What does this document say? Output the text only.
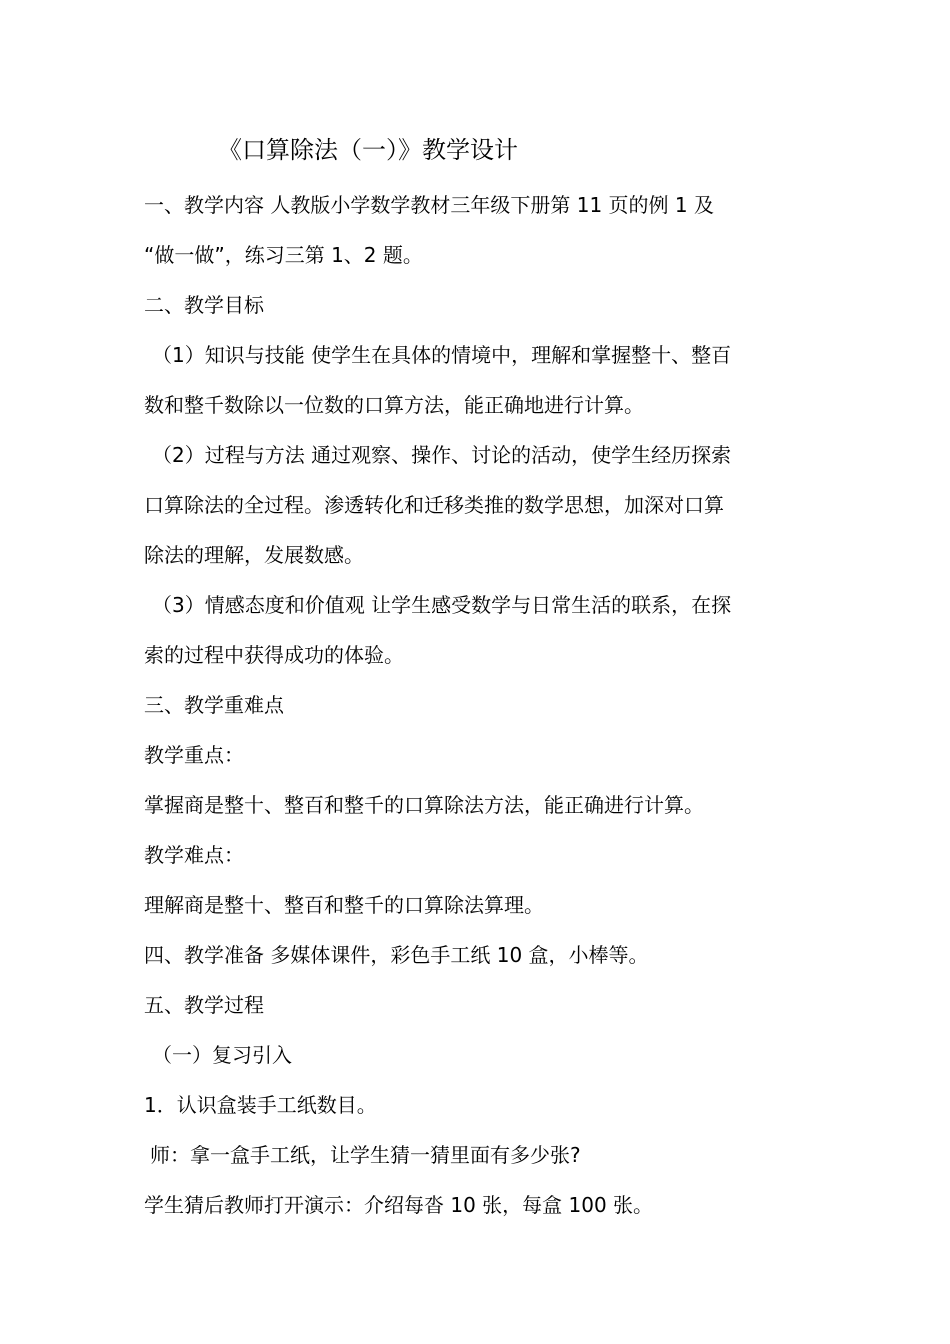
《口算除法（一）》教学设计

一、教学内容 人教版小学数学教材三年级下册第 11 页的例 1 及

“做一做”，练习三第 1、2 题。

二、教学目标

（1）知识与技能 使学生在具体的情境中，理解和掌握整十、整百

数和整千数除以一位数的口算方法，能正确地进行计算。

（2）过程与方法 通过观察、操作、讨论的活动，使学生经历探索

口算除法的全过程。渗透转化和迁移类推的数学思想，加深对口算

除法的理解，发展数感。

（3）情感态度和价值观 让学生感受数学与日常生活的联系，在探

索的过程中获得成功的体验。

三、教学重难点

教学重点：

掌握商是整十、整百和整千的口算除法方法，能正确进行计算。

教学难点：

理解商是整十、整百和整千的口算除法算理。

四、教学准备 多媒体课件，彩色手工纸 10 盒，小棒等。

五、教学过程

（一）复习引入

1．认识盒装手工纸数目。

师：拿一盒手工纸，让学生猜一猜里面有多少张?

学生猜后教师打开演示：介绍每沓 10 张，每盒 100 张。
